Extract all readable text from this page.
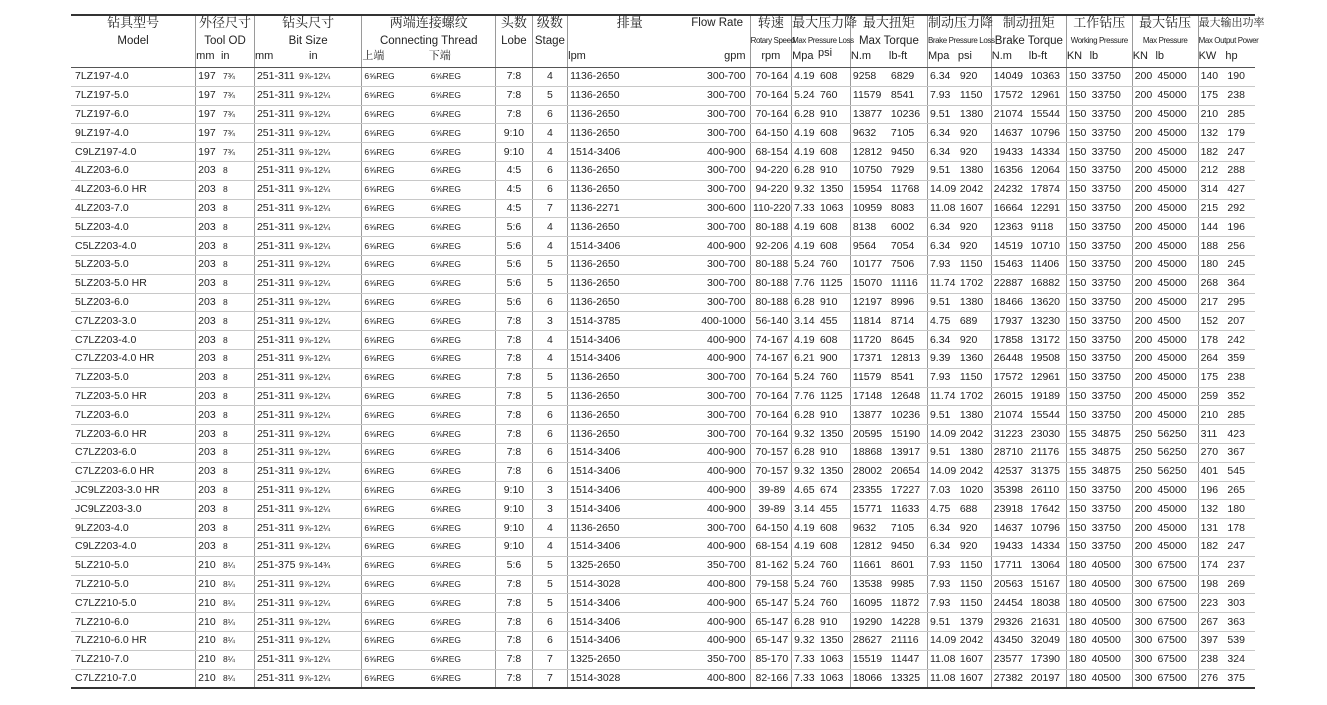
钻具型号	外径尺寸		钻头尺寸		两端连接螺纹		头数	级数	排量	Flow Rate	转速	最大压力降		最大扭矩		制动压力降		制动扭矩		工作钻压		最大钻压		最大输出功率	
Model	Tool OD		Bit Size		Connecting Thread		Lobe	Stage			Rotary Speed	Max Pressure Loss		Max Torque		Brake Pressure Loss		Brake Torque		Working Pressure		Max Pressure		Max Output Power	
	mm	in	mm	in	上端	下端			lpm	gpm	rpm	Mpa	psi	N.m	lb-ft	Mpa	psi	N.m	lb-ft	KN	lb	KN	lb	KW	hp
7LZ197-4.0	197	7¾	251-311	9⅞-12¼	6⅝REG	6⅝REG	7:8	4	1136-2650	300-700	70-164	4.19	608	9258	6829	6.34	920	14049	10363	150	33750	200	45000	140	190
7LZ197-5.0	197	7¾	251-311	9⅞-12¼	6⅝REG	6⅝REG	7:8	5	1136-2650	300-700	70-164	5.24	760	11579	8541	7.93	1150	17572	12961	150	33750	200	45000	175	238
7LZ197-6.0	197	7¾	251-311	9⅞-12¼	6⅝REG	6⅝REG	7:8	6	1136-2650	300-700	70-164	6.28	910	13877	10236	9.51	1380	21074	15544	150	33750	200	45000	210	285
9LZ197-4.0	197	7¾	251-311	9⅞-12¼	6⅝REG	6⅝REG	9:10	4	1136-2650	300-700	64-150	4.19	608	9632	7105	6.34	920	14637	10796	150	33750	200	45000	132	179
C9LZ197-4.0	197	7¾	251-311	9⅞-12¼	6⅝REG	6⅝REG	9:10	4	1514-3406	400-900	68-154	4.19	608	12812	9450	6.34	920	19433	14334	150	33750	200	45000	182	247
4LZ203-6.0	203	8	251-311	9⅞-12¼	6⅝REG	6⅝REG	4:5	6	1136-2650	300-700	94-220	6.28	910	10750	7929	9.51	1380	16356	12064	150	33750	200	45000	212	288
4LZ203-6.0 HR	203	8	251-311	9⅞-12¼	6⅝REG	6⅝REG	4:5	6	1136-2650	300-700	94-220	9.32	1350	15954	11768	14.09	2042	24232	17874	150	33750	200	45000	314	427
4LZ203-7.0	203	8	251-311	9⅞-12¼	6⅝REG	6⅝REG	4:5	7	1136-2271	300-600	110-220	7.33	1063	10959	8083	11.08	1607	16664	12291	150	33750	200	45000	215	292
5LZ203-4.0	203	8	251-311	9⅞-12¼	6⅝REG	6⅝REG	5:6	4	1136-2650	300-700	80-188	4.19	608	8138	6002	6.34	920	12363	9118	150	33750	200	45000	144	196
C5LZ203-4.0	203	8	251-311	9⅞-12¼	6⅝REG	6⅝REG	5:6	4	1514-3406	400-900	92-206	4.19	608	9564	7054	6.34	920	14519	10710	150	33750	200	45000	188	256
5LZ203-5.0	203	8	251-311	9⅞-12¼	6⅝REG	6⅝REG	5:6	5	1136-2650	300-700	80-188	5.24	760	10177	7506	7.93	1150	15463	11406	150	33750	200	45000	180	245
5LZ203-5.0 HR	203	8	251-311	9⅞-12¼	6⅝REG	6⅝REG	5:6	5	1136-2650	300-700	80-188	7.76	1125	15070	11116	11.74	1702	22887	16882	150	33750	200	45000	268	364
5LZ203-6.0	203	8	251-311	9⅞-12¼	6⅝REG	6⅝REG	5:6	6	1136-2650	300-700	80-188	6.28	910	12197	8996	9.51	1380	18466	13620	150	33750	200	45000	217	295
C7LZ203-3.0	203	8	251-311	9⅞-12¼	6⅝REG	6⅝REG	7:8	3	1514-3785	400-1000	56-140	3.14	455	11814	8714	4.75	689	17937	13230	150	33750	200	4500	152	207
C7LZ203-4.0	203	8	251-311	9⅞-12¼	6⅝REG	6⅝REG	7:8	4	1514-3406	400-900	74-167	4.19	608	11720	8645	6.34	920	17858	13172	150	33750	200	45000	178	242
C7LZ203-4.0 HR	203	8	251-311	9⅞-12¼	6⅝REG	6⅝REG	7:8	4	1514-3406	400-900	74-167	6.21	900	17371	12813	9.39	1360	26448	19508	150	33750	200	45000	264	359
7LZ203-5.0	203	8	251-311	9⅞-12¼	6⅝REG	6⅝REG	7:8	5	1136-2650	300-700	70-164	5.24	760	11579	8541	7.93	1150	17572	12961	150	33750	200	45000	175	238
7LZ203-5.0 HR	203	8	251-311	9⅞-12¼	6⅝REG	6⅝REG	7:8	5	1136-2650	300-700	70-164	7.76	1125	17148	12648	11.74	1702	26015	19189	150	33750	200	45000	259	352
7LZ203-6.0	203	8	251-311	9⅞-12¼	6⅝REG	6⅝REG	7:8	6	1136-2650	300-700	70-164	6.28	910	13877	10236	9.51	1380	21074	15544	150	33750	200	45000	210	285
7LZ203-6.0 HR	203	8	251-311	9⅞-12¼	6⅝REG	6⅝REG	7:8	6	1136-2650	300-700	70-164	9.32	1350	20595	15190	14.09	2042	31223	23030	155	34875	250	56250	311	423
C7LZ203-6.0	203	8	251-311	9⅞-12¼	6⅝REG	6⅝REG	7:8	6	1514-3406	400-900	70-157	6.28	910	18868	13917	9.51	1380	28710	21176	155	34875	250	56250	270	367
C7LZ203-6.0 HR	203	8	251-311	9⅞-12¼	6⅝REG	6⅝REG	7:8	6	1514-3406	400-900	70-157	9.32	1350	28002	20654	14.09	2042	42537	31375	155	34875	250	56250	401	545
JC9LZ203-3.0 HR	203	8	251-311	9⅞-12¼	6⅝REG	6⅝REG	9:10	3	1514-3406	400-900	39-89	4.65	674	23355	17227	7.03	1020	35398	26110	150	33750	200	45000	196	265
JC9LZ203-3.0	203	8	251-311	9⅞-12¼	6⅝REG	6⅝REG	9:10	3	1514-3406	400-900	39-89	3.14	455	15771	11633	4.75	688	23918	17642	150	33750	200	45000	132	180
9LZ203-4.0	203	8	251-311	9⅞-12¼	6⅝REG	6⅝REG	9:10	4	1136-2650	300-700	64-150	4.19	608	9632	7105	6.34	920	14637	10796	150	33750	200	45000	131	178
C9LZ203-4.0	203	8	251-311	9⅞-12¼	6⅝REG	6⅝REG	9:10	4	1514-3406	400-900	68-154	4.19	608	12812	9450	6.34	920	19433	14334	150	33750	200	45000	182	247
5LZ210-5.0	210	8¼	251-375	9⅞-14¾	6⅝REG	6⅝REG	5:6	5	1325-2650	350-700	81-162	5.24	760	11661	8601	7.93	1150	17711	13064	180	40500	300	67500	174	237
7LZ210-5.0	210	8¼	251-311	9⅞-12¼	6⅝REG	6⅝REG	7:8	5	1514-3028	400-800	79-158	5.24	760	13538	9985	7.93	1150	20563	15167	180	40500	300	67500	198	269
C7LZ210-5.0	210	8¼	251-311	9⅞-12¼	6⅝REG	6⅝REG	7:8	5	1514-3406	400-900	65-147	5.24	760	16095	11872	7.93	1150	24454	18038	180	40500	300	67500	223	303
7LZ210-6.0	210	8¼	251-311	9⅞-12¼	6⅝REG	6⅝REG	7:8	6	1514-3406	400-900	65-147	6.28	910	19290	14228	9.51	1379	29326	21631	180	40500	300	67500	267	363
7LZ210-6.0 HR	210	8¼	251-311	9⅞-12¼	6⅝REG	6⅝REG	7:8	6	1514-3406	400-900	65-147	9.32	1350	28627	21116	14.09	2042	43450	32049	180	40500	300	67500	397	539
7LZ210-7.0	210	8¼	251-311	9⅞-12¼	6⅝REG	6⅝REG	7:8	7	1325-2650	350-700	85-170	7.33	1063	15519	11447	11.08	1607	23577	17390	180	40500	300	67500	238	324
C7LZ210-7.0	210	8¼	251-311	9⅞-12¼	6⅝REG	6⅝REG	7:8	7	1514-3028	400-800	82-166	7.33	1063	18066	13325	11.08	1607	27382	20197	180	40500	300	67500	276	375
